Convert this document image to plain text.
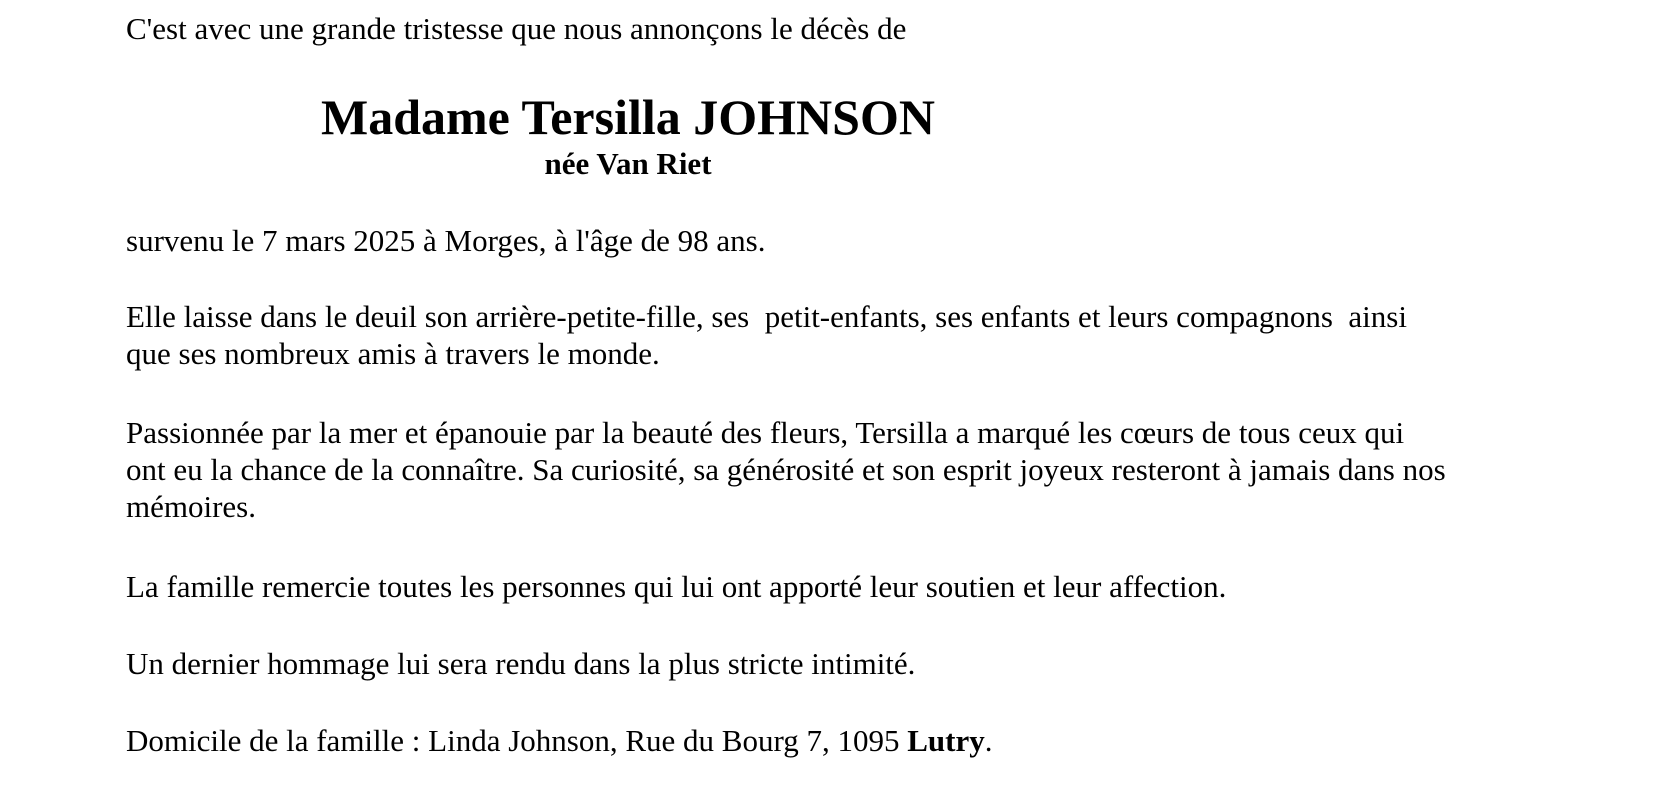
C'est avec une grande tristesse que nous annonçons le décès de

Madame Tersilla JOHNSON

née Van Riet

survenu le 7 mars 2025 à Morges, à l'âge de 98 ans.

Elle laisse dans le deuil son arrière-petite-fille, ses  petit-enfants, ses enfants et leurs compagnons  ainsi

que ses nombreux amis à travers le monde.

Passionnée par la mer et épanouie par la beauté des fleurs, Tersilla a marqué les cœurs de tous ceux qui

ont eu la chance de la connaître. Sa curiosité, sa générosité et son esprit joyeux resteront à jamais dans nos

mémoires.

La famille remercie toutes les personnes qui lui ont apporté leur soutien et leur affection.

Un dernier hommage lui sera rendu dans la plus stricte intimité.

Domicile de la famille : Linda Johnson, Rue du Bourg 7, 1095 Lutry.
